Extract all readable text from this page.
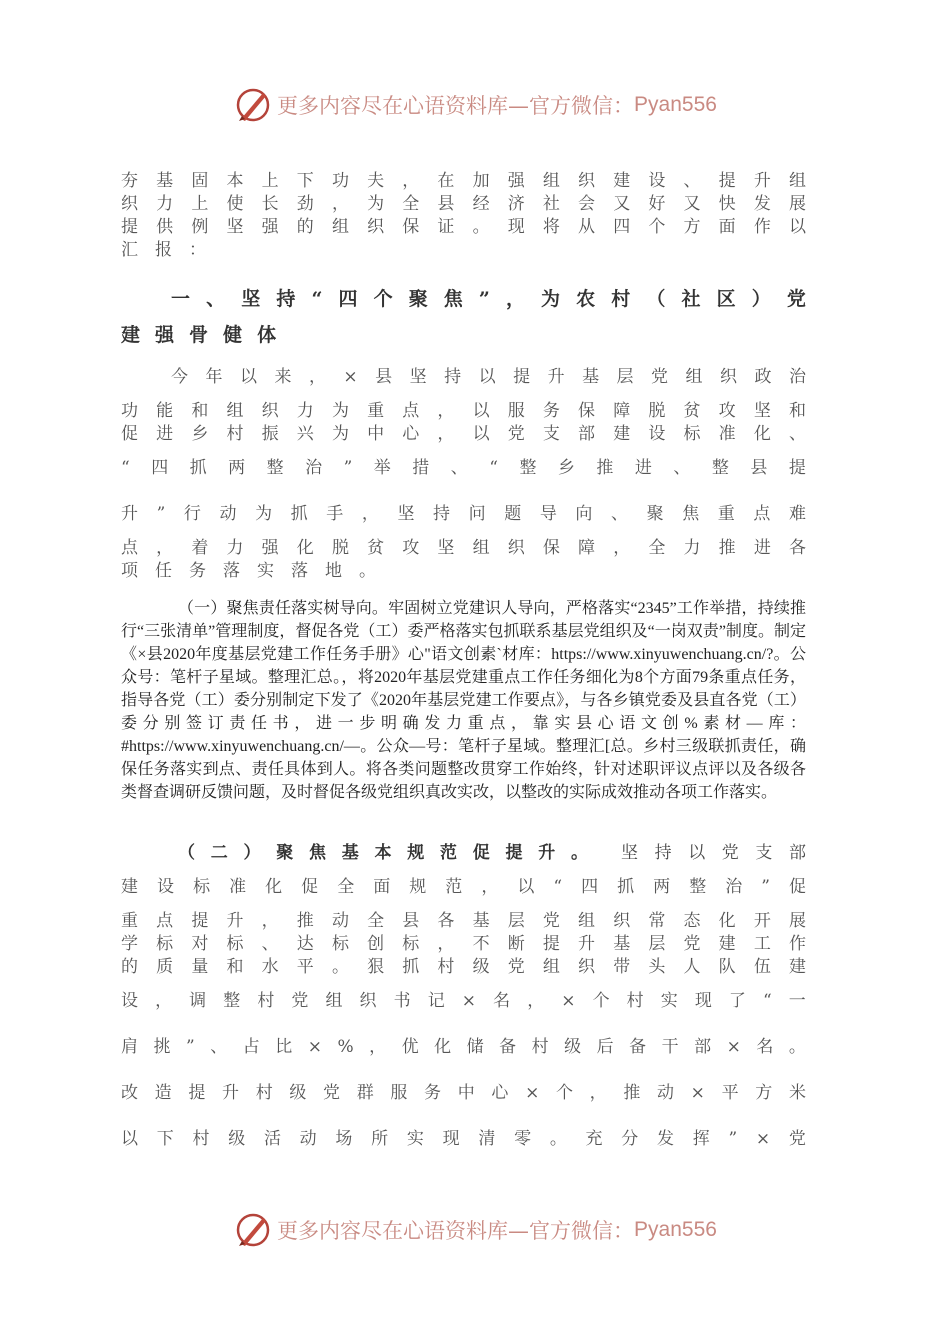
更多内容尽在心语资料库—官方微信： Pyan556
夯 基 固 本 上 下 功 夫 ， 在 加 强 组 织 建 设 、 提 升 组
织 力 上 使 长 劲 ， 为 全 县 经 济 社 会 又 好 又 快 发 展
提 供 例 坚 强 的 组 织 保 证 。 现 将 从 四 个 方 面 作 以
汇 报 ：
一 、 坚 持 “ 四 个 聚 焦 ” ， 为 农 村 （ 社 区 ） 党
建 强 骨 健 体
今 年 以 来 ， × 县 坚 持 以 提 升 基 层 党 组 织 政 治
功 能 和 组 织 力 为 重 点 ， 以 服 务 保 障 脱 贫 攻 坚 和
促 进 乡 村 振 兴 为 中 心 ， 以 党 支 部 建 设 标 准 化 、
“ 四 抓 两 整 治 ” 举 措 、 “ 整 乡 推 进 、 整 县 提
升 ” 行 动 为 抓 手 ， 坚 持 问 题 导 向 、 聚 焦 重 点 难
点 ， 着 力 强 化 脱 贫 攻 坚 组 织 保 障 ， 全 力 推 进 各
项 任 务 落 实 落 地 。

（一）聚焦责任落实树导向。牢固树立党建识人导向，严格落实“2345”工作举措，持续推行“三张清单”管理制度，督促各党（工）委严格落实包抓联系基层党组织及“一岗双责”制度。制定《×县2020年度基层党建工作任务手册》心"语文创素`材库：https://www.xinyuwenchuang.cn/?。公众号：笔杆子星域。整理汇总。，将2020年基层党建重点工作任务细化为8个方面79条重点任务，指导各党（工）委分别制定下发了《2020年基层党建工作要点》，与各乡镇党委及县直各党（工）委分别签订责任书，进一步明确发力重点，靠实县心语文创%素材—库：#https://www.xinyuwenchuang.cn/—。公众—号：笔杆子星域。整理汇[总。乡村三级联抓责任，确保任务落实到点、责任具体到人。将各类问题整改贯穿工作始终，针对述职评议点评以及各级各类督查调研反馈问题，及时督促各级党组织真改实改，以整改的实际成效推动各项工作落实。

（ 二 ） 聚 焦 基 本 规 范 促 提 升 。 坚 持 以 党 支 部
建 设 标 准 化 促 全 面 规 范 ， 以 “ 四 抓 两 整 治 ” 促
重 点 提 升 ， 推 动 全 县 各 基 层 党 组 织 常 态 化 开 展
学 标 对 标 、 达 标 创 标 ， 不 断 提 升 基 层 党 建 工 作
的 质 量 和 水 平 。 狠 抓 村 级 党 组 织 带 头 人 队 伍 建
设 ， 调 整 村 党 组 织 书 记 × 名 ， × 个 村 实 现 了 “ 一
肩 挑 ” 、 占 比 × % ， 优 化 储 备 村 级 后 备 干 部 × 名 。
改 造 提 升 村 级 党 群 服 务 中 心 × 个 ， 推 动 × 平 方 米
以 下 村 级 活 动 场 所 实 现 清 零 。 充 分 发 挥 ” × 党
更多内容尽在心语资料库—官方微信： Pyan556
